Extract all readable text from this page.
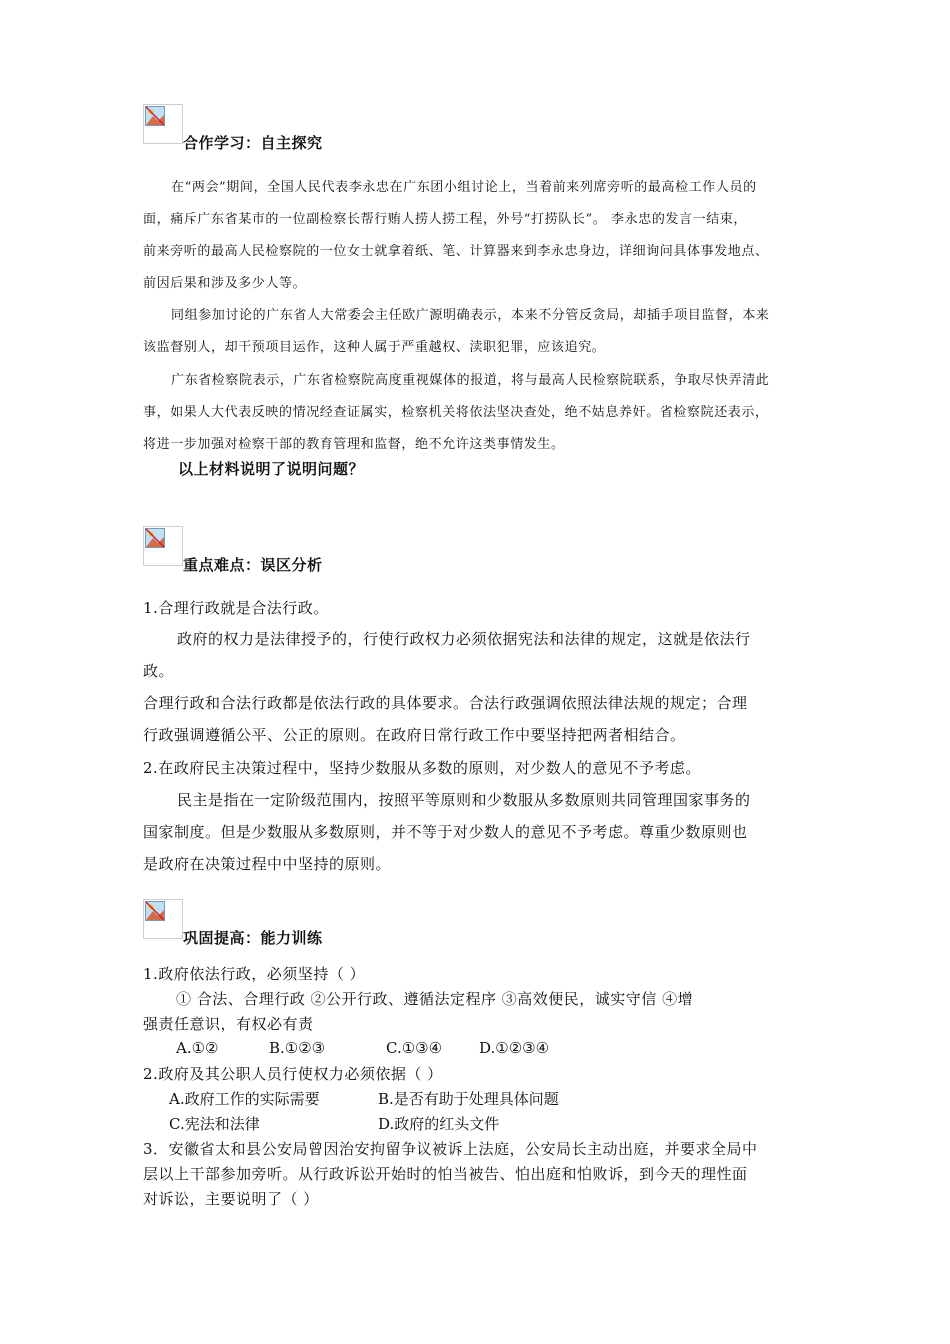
合作学习：自主探究

在“两会”期间，全国人民代表李永忠在广东团小组讨论上，当着前来列席旁听的最高检工作人员的

面，痛斥广东省某市的一位副检察长帮行贿人捞人捞工程，外号“打捞队长”。 李永忠的发言一结束，

前来旁听的最高人民检察院的一位女士就拿着纸、笔、计算器来到李永忠身边，详细询问具体事发地点、

前因后果和涉及多少人等。

同组参加讨论的广东省人大常委会主任欧广源明确表示，本来不分管反贪局，却插手项目监督，本来

该监督别人，却干预项目运作，这种人属于严重越权、渎职犯罪，应该追究。

广东省检察院表示，广东省检察院高度重视媒体的报道，将与最高人民检察院联系，争取尽快弄清此

事，如果人大代表反映的情况经查证属实，检察机关将依法坚决查处，绝不姑息养奸。省检察院还表示，

将进一步加强对检察干部的教育管理和监督，绝不允许这类事情发生。

以上材料说明了说明问题？

重点难点：误区分析

1.合理行政就是合法行政。

政府的权力是法律授予的，行使行政权力必须依据宪法和法律的规定，这就是依法行

政。

合理行政和合法行政都是依法行政的具体要求。合法行政强调依照法律法规的规定；合理

行政强调遵循公平、公正的原则。在政府日常行政工作中要坚持把两者相结合。

2.在政府民主决策过程中，坚持少数服从多数的原则，对少数人的意见不予考虑。

民主是指在一定阶级范围内，按照平等原则和少数服从多数原则共同管理国家事务的

国家制度。但是少数服从多数原则，并不等于对少数人的意见不予考虑。尊重少数原则也

是政府在决策过程中中坚持的原则。

巩固提高：能力训练

1.政府依法行政，必须坚持（ ）

① 合法、合理行政 ②公开行政、遵循法定程序 ③高效便民，诚实守信 ④增

强责任意识，有权必有责

A.①②	B.①②③	C.①③④ D.①②③④

2.政府及其公职人员行使权力必须依据（ ）

A.政府工作的实际需要	B.是否有助于处理具体问题
C.宪法和法律	D.政府的红头文件

3．安徽省太和县公安局曾因治安拘留争议被诉上法庭，公安局长主动出庭，并要求全局中

层以上干部参加旁听。从行政诉讼开始时的怕当被告、怕出庭和怕败诉，到今天的理性面

对诉讼，主要说明了（ ）
